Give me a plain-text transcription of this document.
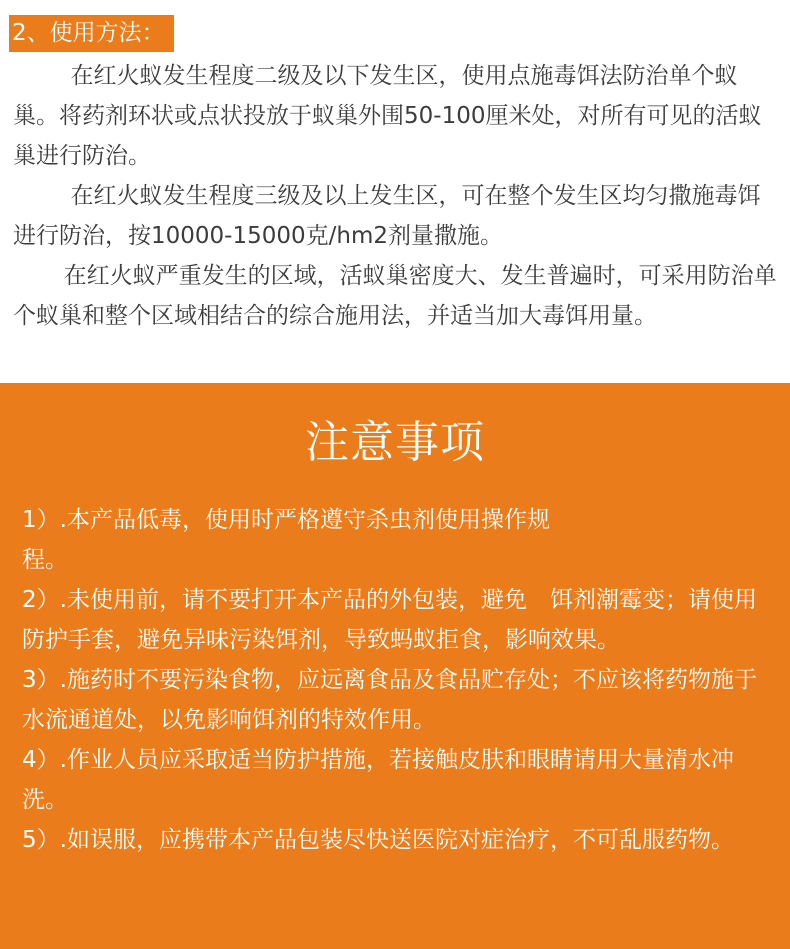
2、使用方法：

在红火蚁发生程度二级及以下发生区，使用点施毒饵法防治单个蚁巢。将药剂环状或点状投放于蚁巢外围50-100厘米处，对所有可见的活蚁巢进行防治。

在红火蚁发生程度三级及以上发生区，可在整个发生区均匀撒施毒饵进行防治，按10000-15000克/hm2剂量撒施。

在红火蚁严重发生的区域，活蚁巢密度大、发生普遍时，可采用防治单个蚁巢和整个区域相结合的综合施用法，并适当加大毒饵用量。

注意事项

1）.本产品低毒，使用时严格遵守杀虫剂使用操作规程。

2）.未使用前，请不要打开本产品的外包装，避免　饵剂潮霉变；请使用防护手套，避免异味污染饵剂，导致蚂蚁拒食，影响效果。

3）.施药时不要污染食物，应远离食品及食品贮存处；不应该将药物施于水流通道处，以免影响饵剂的特效作用。

4）.作业人员应采取适当防护措施，若接触皮肤和眼睛请用大量清水冲洗。

5）.如误服，应携带本产品包装尽快送医院对症治疗，不可乱服药物。
